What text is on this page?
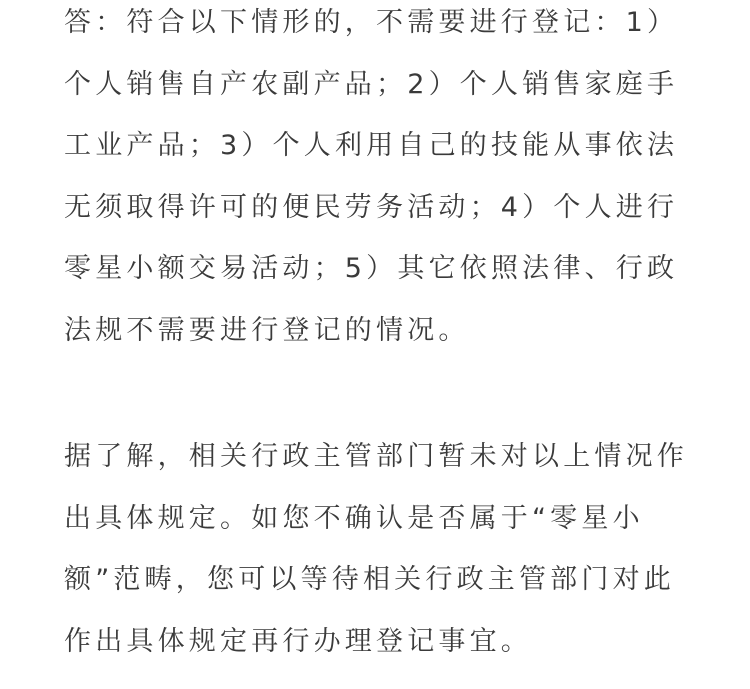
答：符合以下情形的，不需要进行登记：1）
个人销售自产农副产品；2）个人销售家庭手
工业产品；3）个人利用自己的技能从事依法
无须取得许可的便民劳务活动；4）个人进行
零星小额交易活动；5）其它依照法律、行政
法规不需要进行登记的情况。

据了解，相关行政主管部门暂未对以上情况作
出具体规定。如您不确认是否属于“零星小
额”范畴，您可以等待相关行政主管部门对此
作出具体规定再行办理登记事宜。
